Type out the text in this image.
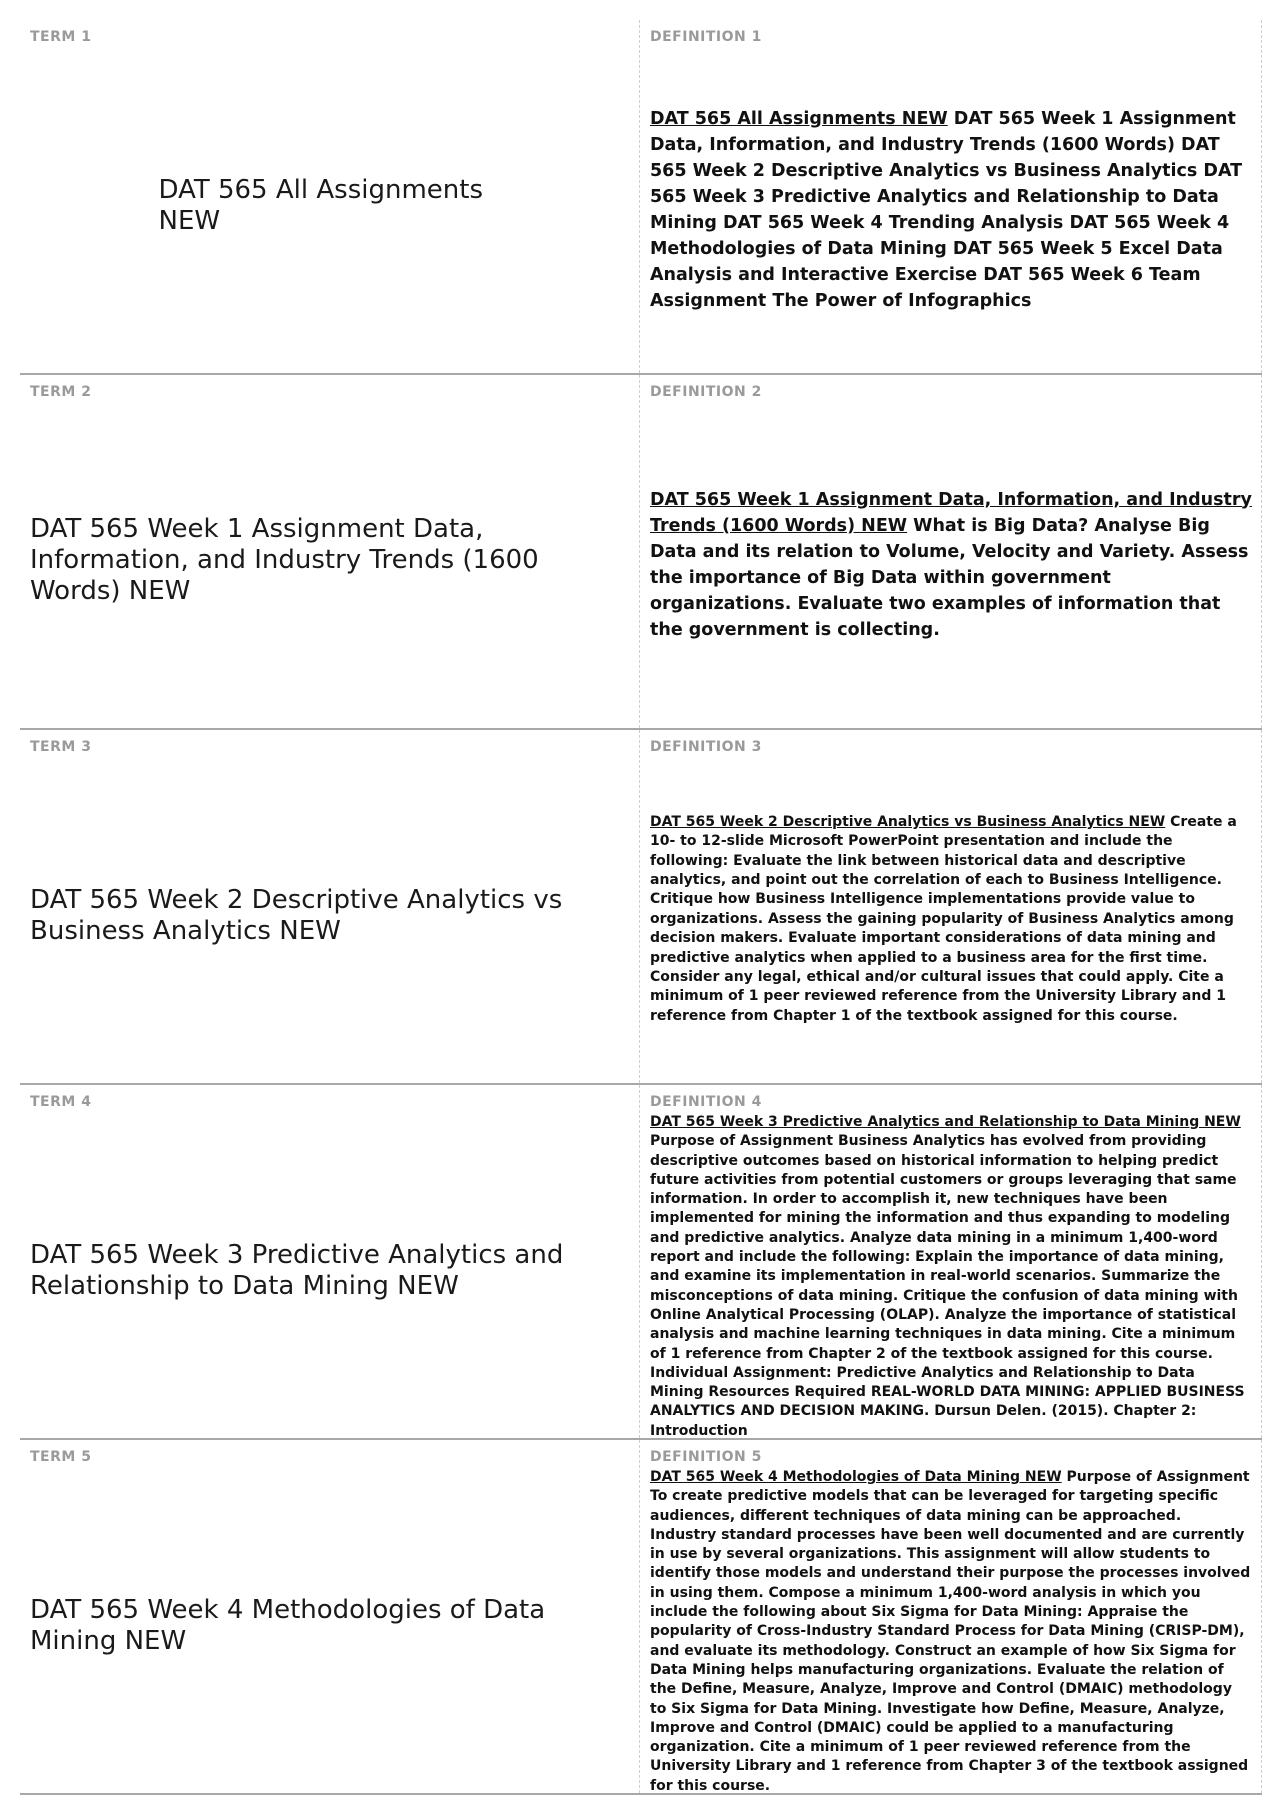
TERM 1
DAT 565 All Assignments NEW
DEFINITION 1
DAT 565 All Assignments NEW DAT 565 Week 1 Assignment Data, Information, and Industry Trends (1600 Words) DAT 565 Week 2 Descriptive Analytics vs Business Analytics DAT 565 Week 3 Predictive Analytics and Relationship to Data Mining DAT 565 Week 4 Trending Analysis DAT 565 Week 4 Methodologies of Data Mining DAT 565 Week 5 Excel Data Analysis and Interactive Exercise DAT 565 Week 6 Team Assignment The Power of Infographics
TERM 2
DAT 565 Week 1 Assignment Data, Information, and Industry Trends (1600 Words) NEW
DEFINITION 2
DAT 565 Week 1 Assignment Data, Information, and Industry Trends (1600 Words) NEW What is Big Data? Analyse Big Data and its relation to Volume, Velocity and Variety. Assess the importance of Big Data within government organizations. Evaluate two examples of information that the government is collecting.
TERM 3
DAT 565 Week 2 Descriptive Analytics vs Business Analytics NEW
DEFINITION 3
DAT 565 Week 2 Descriptive Analytics vs Business Analytics NEW Create a 10- to 12-slide Microsoft PowerPoint presentation and include the following: Evaluate the link between historical data and descriptive analytics, and point out the correlation of each to Business Intelligence. Critique how Business Intelligence implementations provide value to organizations. Assess the gaining popularity of Business Analytics among decision makers. Evaluate important considerations of data mining and predictive analytics when applied to a business area for the first time. Consider any legal, ethical and/or cultural issues that could apply. Cite a minimum of 1 peer reviewed reference from the University Library and 1 reference from Chapter 1 of the textbook assigned for this course.
TERM 4
DAT 565 Week 3 Predictive Analytics and Relationship to Data Mining NEW
DEFINITION 4
DAT 565 Week 3 Predictive Analytics and Relationship to Data Mining NEW Purpose of Assignment Business Analytics has evolved from providing descriptive outcomes based on historical information to helping predict future activities from potential customers or groups leveraging that same information. In order to accomplish it, new techniques have been implemented for mining the information and thus expanding to modeling and predictive analytics. Analyze data mining in a minimum 1,400-word report and include the following: Explain the importance of data mining, and examine its implementation in real-world scenarios. Summarize the misconceptions of data mining. Critique the confusion of data mining with Online Analytical Processing (OLAP). Analyze the importance of statistical analysis and machine learning techniques in data mining. Cite a minimum of 1 reference from Chapter 2 of the textbook assigned for this course. Individual Assignment: Predictive Analytics and Relationship to Data Mining Resources Required REAL-WORLD DATA MINING: APPLIED BUSINESS ANALYTICS AND DECISION MAKING. Dursun Delen. (2015). Chapter 2: Introduction
TERM 5
DAT 565 Week 4 Methodologies of Data Mining NEW
DEFINITION 5
DAT 565 Week 4 Methodologies of Data Mining NEW Purpose of Assignment To create predictive models that can be leveraged for targeting specific audiences, different techniques of data mining can be approached. Industry standard processes have been well documented and are currently in use by several organizations. This assignment will allow students to identify those models and understand their purpose the processes involved in using them. Compose a minimum 1,400-word analysis in which you include the following about Six Sigma for Data Mining: Appraise the popularity of Cross-Industry Standard Process for Data Mining (CRISP-DM), and evaluate its methodology. Construct an example of how Six Sigma for Data Mining helps manufacturing organizations. Evaluate the relation of the Define, Measure, Analyze, Improve and Control (DMAIC) methodology to Six Sigma for Data Mining. Investigate how Define, Measure, Analyze, Improve and Control (DMAIC) could be applied to a manufacturing organization. Cite a minimum of 1 peer reviewed reference from the University Library and 1 reference from Chapter 3 of the textbook assigned for this course.
